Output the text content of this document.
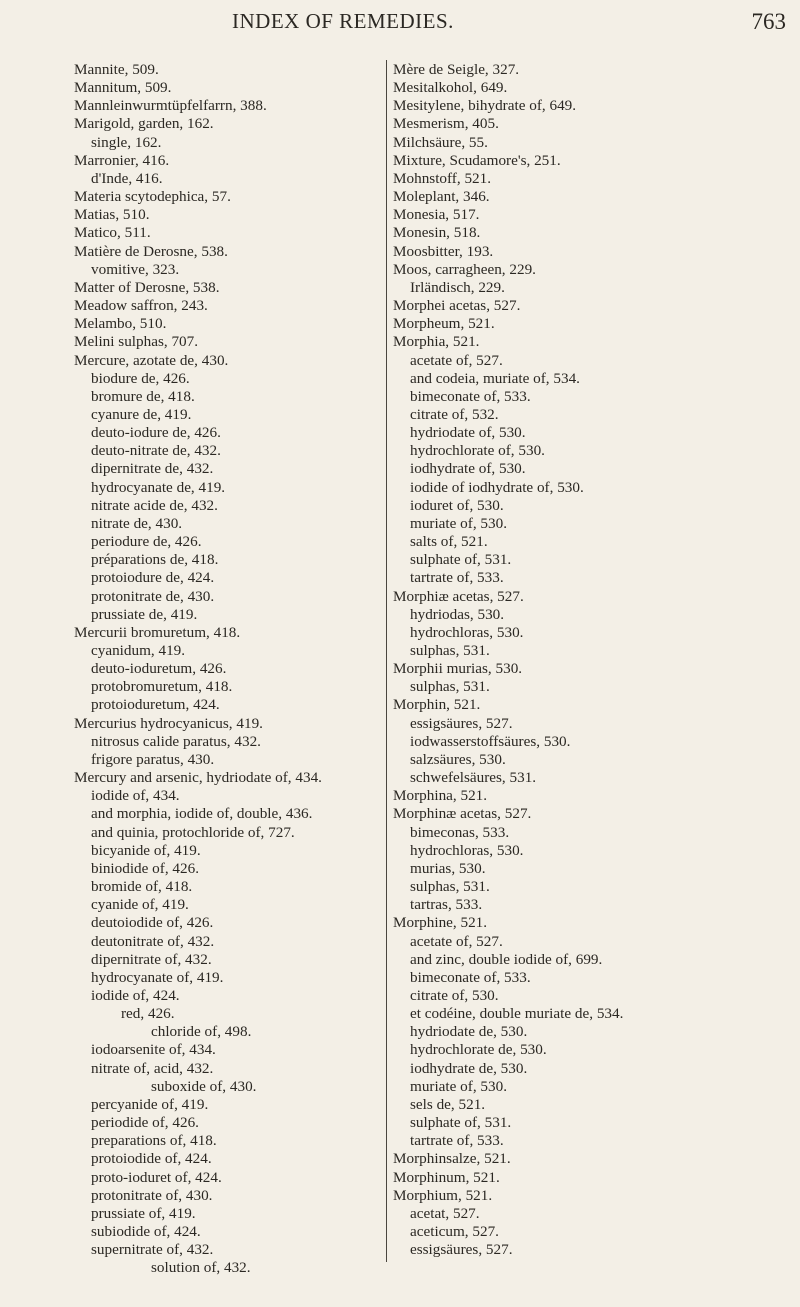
INDEX OF REMEDIES.	763
Mannite, 509.
Mannitum, 509.
Mannleinwurmtüpfelfarrn, 388.
Marigold, garden, 162.
single, 162.
Marronier, 416.
d'Inde, 416.
Materia scytodephica, 57.
Matias, 510.
Matico, 511.
Matière de Derosne, 538.
vomitive, 323.
Matter of Derosne, 538.
Meadow saffron, 243.
Melambo, 510.
Melini sulphas, 707.
Mercure, azotate de, 430.
biodure de, 426.
bromure de, 418.
cyanure de, 419.
deuto-iodure de, 426.
deuto-nitrate de, 432.
dipernitrate de, 432.
hydrocyanate de, 419.
nitrate acide de, 432.
nitrate de, 430.
periodure de, 426.
préparations de, 418.
protoiodure de, 424.
protonitrate de, 430.
prussiate de, 419.
Mercurii bromuretum, 418.
cyanidum, 419.
deuto-ioduretum, 426.
protobromuretum, 418.
protoioduretum, 424.
Mercurius hydrocyanicus, 419.
nitrosus calide paratus, 432.
frigore paratus, 430.
Mercury and arsenic, hydriodate of, 434.
iodide of, 434.
and morphia, iodide of, double, 436.
and quinia, protochloride of, 727.
bicyanide of, 419.
biniodide of, 426.
bromide of, 418.
cyanide of, 419.
deutoiodide of, 426.
deutonitrate of, 432.
dipernitrate of, 432.
hydrocyanate of, 419.
iodide of, 424.
red, 426.
chloride of, 498.
iodoarsenite of, 434.
nitrate of, acid, 432.
suboxide of, 430.
percyanide of, 419.
periodide of, 426.
preparations of, 418.
protoiodide of, 424.
proto-ioduret of, 424.
protonitrate of, 430.
prussiate of, 419.
subiodide of, 424.
supernitrate of, 432.
solution of, 432.
Mère de Seigle, 327.
Mesitalkohol, 649.
Mesitylene, bihydrate of, 649.
Mesmerism, 405.
Milchsäure, 55.
Mixture, Scudamore's, 251.
Mohnstoff, 521.
Moleplant, 346.
Monesia, 517.
Monesin, 518.
Moosbitter, 193.
Moos, carragheen, 229.
Irländisch, 229.
Morphei acetas, 527.
Morpheum, 521.
Morphia, 521.
acetate of, 527.
and codeia, muriate of, 534.
bimeconate of, 533.
citrate of, 532.
hydriodate of, 530.
hydrochlorate of, 530.
iodhydrate of, 530.
iodide of iodhydrate of, 530.
ioduret of, 530.
muriate of, 530.
salts of, 521.
sulphate of, 531.
tartrate of, 533.
Morphiæ acetas, 527.
hydriodas, 530.
hydrochloras, 530.
sulphas, 531.
Morphii murias, 530.
sulphas, 531.
Morphin, 521.
essigsäures, 527.
iodwasserstoffsäures, 530.
salzsäures, 530.
schwefelsäures, 531.
Morphina, 521.
Morphinæ acetas, 527.
bimeconas, 533.
hydrochloras, 530.
murias, 530.
sulphas, 531.
tartras, 533.
Morphine, 521.
acetate of, 527.
and zinc, double iodide of, 699.
bimeconate of, 533.
citrate of, 530.
et codéine, double muriate de, 534.
hydriodate de, 530.
hydrochlorate de, 530.
iodhydrate de, 530.
muriate of, 530.
sels de, 521.
sulphate of, 531.
tartrate of, 533.
Morphinsalze, 521.
Morphinum, 521.
Morphium, 521.
acetat, 527.
aceticum, 527.
essigsäures, 527.
